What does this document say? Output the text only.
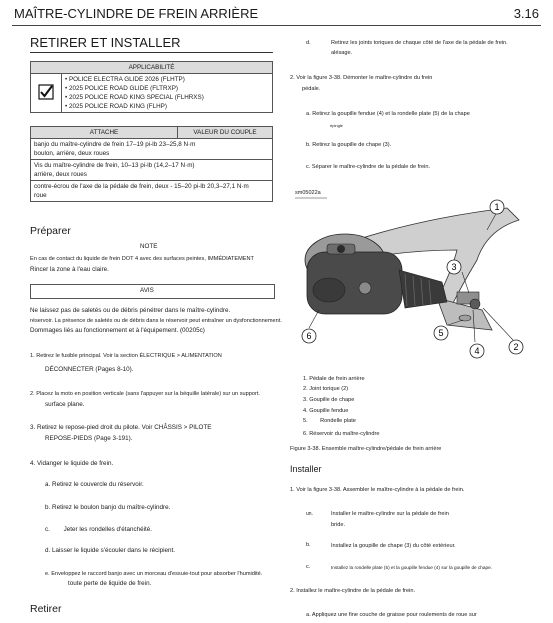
MAÎTRE-CYLINDRE DE FREIN ARRIÈRE	3.16
RETIRER ET INSTALLER
APPLICABILITÉ

• POLICE ELECTRA GLIDE 2026 (FLHTP)
• 2025 POLICE ROAD GLIDE (FLTRXP)
• 2025 POLICE ROAD KING SPECIAL (FLHRXS)
• 2025 POLICE ROAD KING (FLHP)
ATTACHE	VALEUR DU COUPLE

banjo du maître-cylindre de frein 17–19 pi-lb 23–25,8 N·m
boulon, arrière, deux roues

Vis du maître-cylindre de frein, 10–13 pi-lb (14,2–17 N·m)
arrière, deux roues

contre-écrou de l'axe de la pédale de frein, deux - 15–20 pi-lb 20,3–27,1 N·m
roue
Préparer
NOTE
En cas de contact du liquide de frein DOT 4 avec des surfaces peintes, IMMÉDIATEMENT
Rincer la zone à l'eau claire.
AVIS
Ne laissez pas de saletés ou de débris pénétrer dans le maître-cylindre.
réservoir. La présence de saletés ou de débris dans le réservoir peut entraîner un dysfonctionnement.
Dommages liés au fonctionnement et à l'équipement. (00205c)
1. Retirez le fusible principal. Voir la section ÉLECTRIQUE > ALIMENTATION
DÉCONNECTER (Pages 8-10).
2. Placez la moto en position verticale (sans l'appuyer sur la béquille latérale) sur un support.
surface plane.
3. Retirez le repose-pied droit du pilote. Voir CHÂSSIS > PILOTE
REPOSE-PIEDS (Page 3-191).
4. Vidanger le liquide de frein.
a. Retirez le couvercle du réservoir.
b. Retirez le boulon banjo du maître-cylindre.
c. Jeter les rondelles d'étanchéité.
d. Laisser le liquide s'écouler dans le récipient.
e. Enveloppez le raccord banjo avec un morceau d'essuie-tout pour absorber l'humidité.
toute perte de liquide de frein.
Retirer
d.	Retirez les joints toriques de chaque côté de l'axe de la pédale de frein.
alésage.
2. Voir la figure 3-38. Démonter le maître-cylindre du frein
pédale.
a. Retirez la goupille fendue (4) et la rondelle plate (5) de la chape
épingle
b. Retirez la goupille de chape (3).
c. Séparer le maître-cylindre de la pédale de frein.
sm05022a
1
3
2
4
5
6
1. Pédale de frein arrière
2. Joint torique (2)
3. Goupille de chape
4. Goupille fendue
5.        Rondelle plate
6. Réservoir du maître-cylindre
Figure 3-38. Ensemble maître-cylindre/pédale de frein arrière
Installer
1. Voir la figure 3-38. Assembler le maître-cylindre à la pédale de frein.
un.	Installer le maître-cylindre sur la pédale de frein
bride.
b.	Installez la goupille de chape (3) du côté extérieur.
c.	Installez la rondelle plate (5) et la goupille fendue (4) sur la goupille de chape.
2. Installez le maître-cylindre de la pédale de frein.
a. Appliquez une fine couche de graisse pour roulements de roue sur
